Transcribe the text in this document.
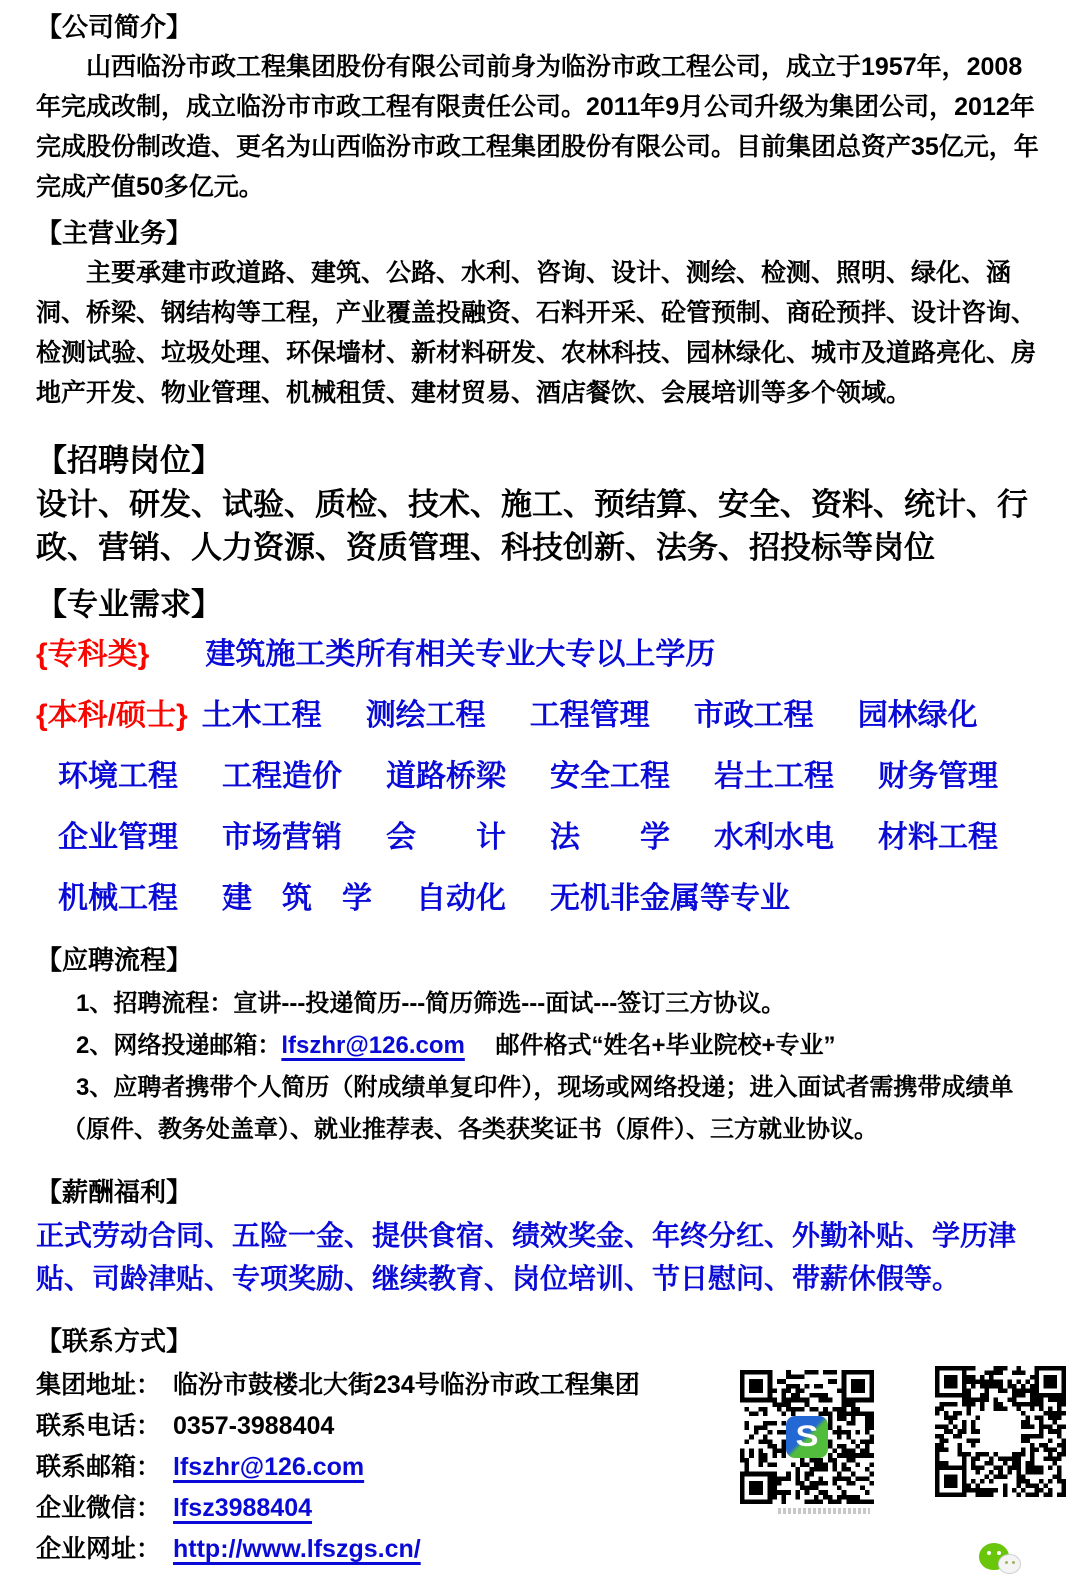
【公司简介】

山西临汾市政工程集团股份有限公司前身为临汾市政工程公司，成立于1957年，2008年完成改制，成立临汾市市政工程有限责任公司。2011年9月公司升级为集团公司，2012年完成股份制改造、更名为山西临汾市政工程集团股份有限公司。目前集团总资产35亿元，年完成产值50多亿元。

【主营业务】

主要承建市政道路、建筑、公路、水利、咨询、设计、测绘、检测、照明、绿化、涵洞、桥梁、钢结构等工程，产业覆盖投融资、石料开采、砼管预制、商砼预拌、设计咨询、检测试验、垃圾处理、环保墙材、新材料研发、农林科技、园林绿化、城市及道路亮化、房地产开发、物业管理、机械租赁、建材贸易、酒店餐饮、会展培训等多个领域。

【招聘岗位】

设计、研发、试验、质检、技术、施工、预结算、安全、资料、统计、行政、营销、人力资源、资质管理、科技创新、法务、招投标等岗位

【专业需求】
{专科类} 建筑施工类所有相关专业大专以上学历
{本科/硕士} 土木工程 测绘工程 工程管理 市政工程 园林绿化
环境工程 工程造价 道路桥梁 安全工程 岩土工程 财务管理
企业管理 市场营销 会　　计 法　　学 水利水电 材料工程
机械工程 建　筑　学 自动化 无机非金属等专业
【应聘流程】

1、招聘流程：宣讲---投递简历---简历筛选---面试---签订三方协议。

2、网络投递邮箱：lfszhr@126.com　 邮件格式“姓名+毕业院校+专业”

3、应聘者携带个人简历（附成绩单复印件），现场或网络投递；进入面试者需携带成绩单（原件、教务处盖章）、就业推荐表、各类获奖证书（原件）、三方就业协议。

【薪酬福利】

正式劳动合同、五险一金、提供食宿、绩效奖金、年终分红、外勤补贴、学历津贴、司龄津贴、专项奖励、继续教育、岗位培训、节日慰问、带薪休假等。

【联系方式】

集团地址： 临汾市鼓楼北大街234号临汾市政工程集团

联系电话： 0357-3988404

联系邮箱： lfszhr@126.com

企业微信： lfsz3988404

企业网址： http://www.lfszgs.cn/

S
